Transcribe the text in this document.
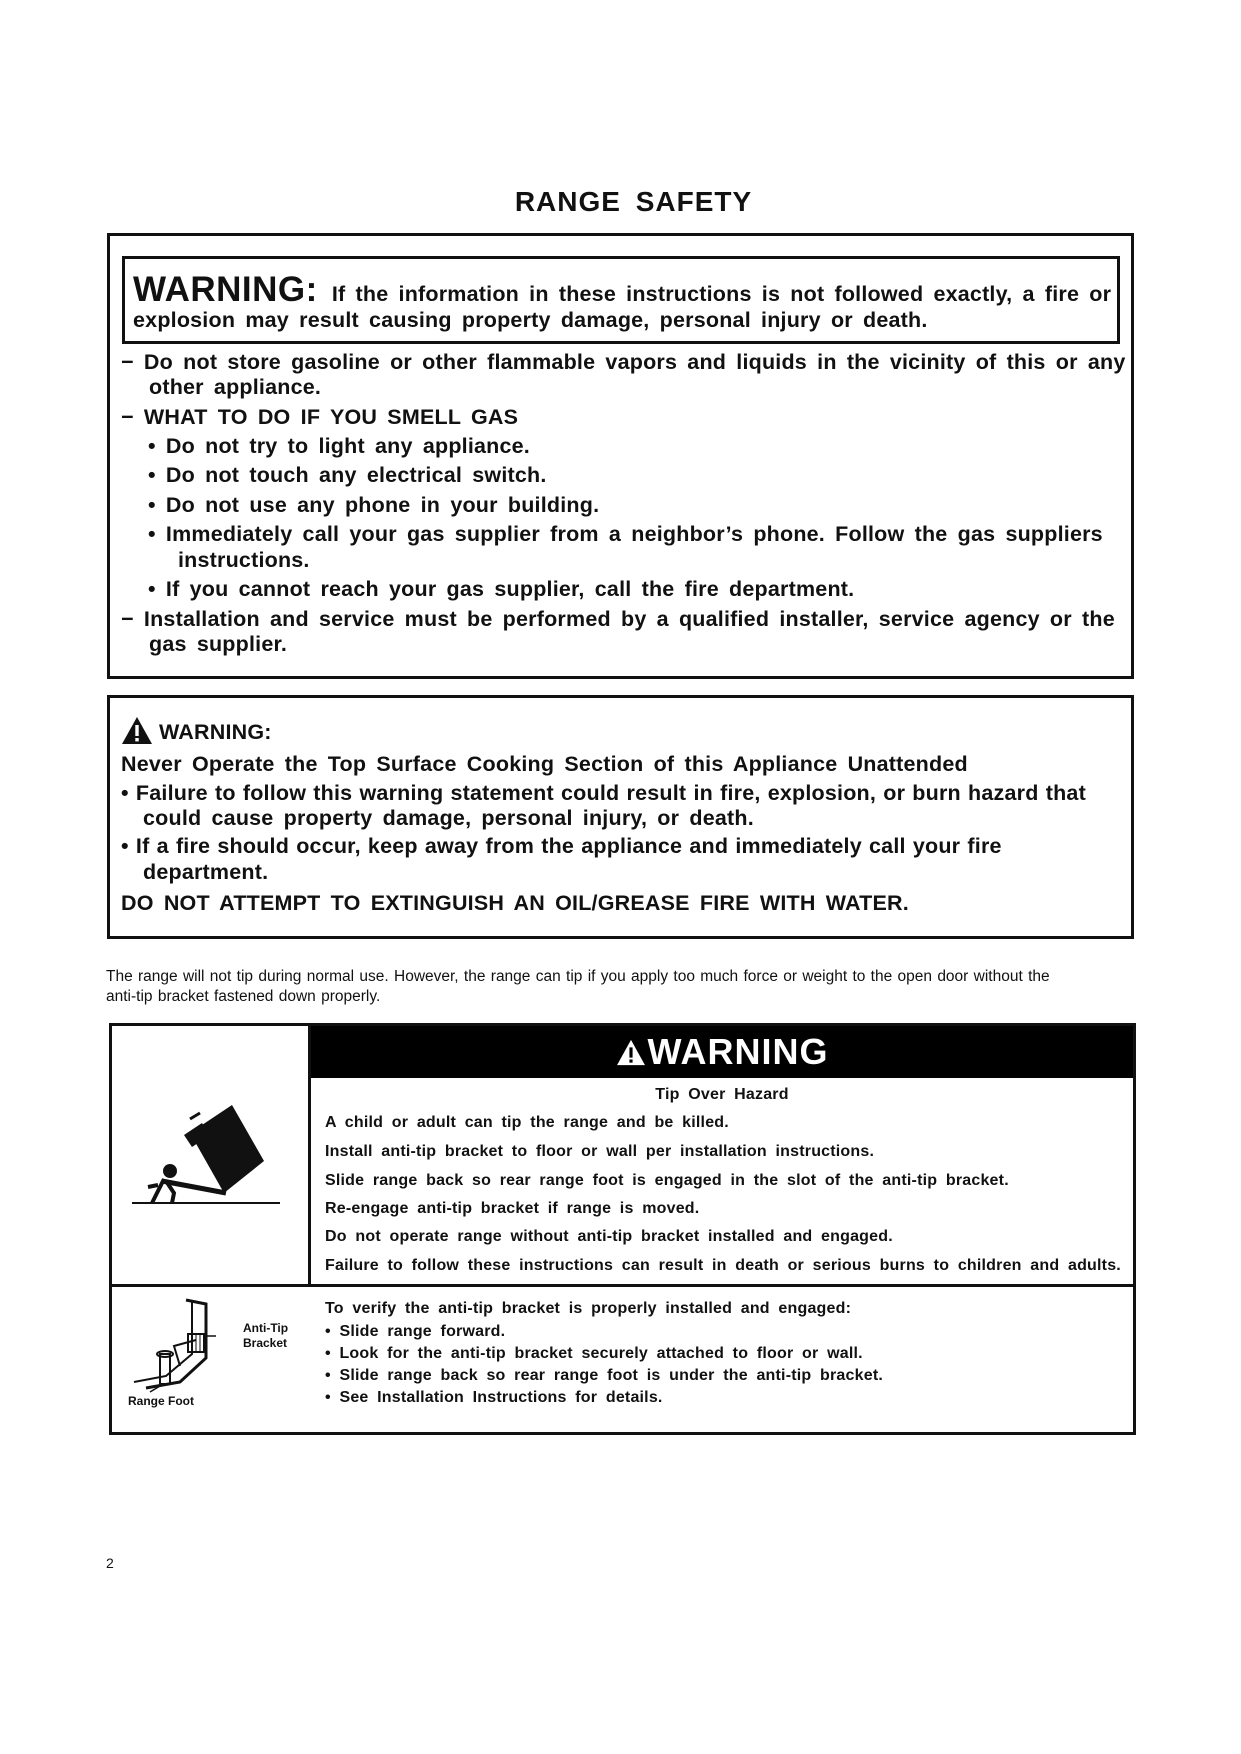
RANGE SAFETY
WARNING: If the information in these instructions is not followed exactly, a fire or
explosion may result causing property damage, personal injury or death.
− Do not store gasoline or other flammable vapors and liquids in the vicinity of this or any
other appliance.
− WHAT TO DO IF YOU SMELL GAS
• Do not try to light any appliance.
• Do not touch any electrical switch.
• Do not use any phone in your building.
• Immediately call your gas supplier from a neighbor’s phone. Follow the gas suppliers
instructions.
• If you cannot reach your gas supplier, call the fire department.
− Installation and service must be performed by a qualified installer, service agency or the
gas supplier.
WARNING:
Never Operate the Top Surface Cooking Section of this Appliance Unattended
• Failure to follow this warning statement could result in fire, explosion, or burn hazard that
could cause property damage, personal injury, or death.
• If a fire should occur, keep away from the appliance and immediately call your fire
department.
DO NOT ATTEMPT TO EXTINGUISH AN OIL/GREASE FIRE WITH WATER.
The range will not tip during normal use. However, the range can tip if you apply too much force or weight to the open door without the
anti-tip bracket fastened down properly.
WARNING
Tip Over Hazard
A child or adult can tip the range and be killed.
Install anti-tip bracket to floor or wall per installation instructions.
Slide range back so rear range foot is engaged in the slot of the anti-tip bracket.
Re-engage anti-tip bracket if range is moved.
Do not operate range without anti-tip bracket installed and engaged.
Failure to follow these instructions can result in death or serious burns to children and adults.
Anti-Tip
Bracket
Range Foot
To verify the anti-tip bracket is properly installed and engaged:
• Slide range forward.
• Look for the anti-tip bracket securely attached to floor or wall.
• Slide range back so rear range foot is under the anti-tip bracket.
• See Installation Instructions for details.
2
